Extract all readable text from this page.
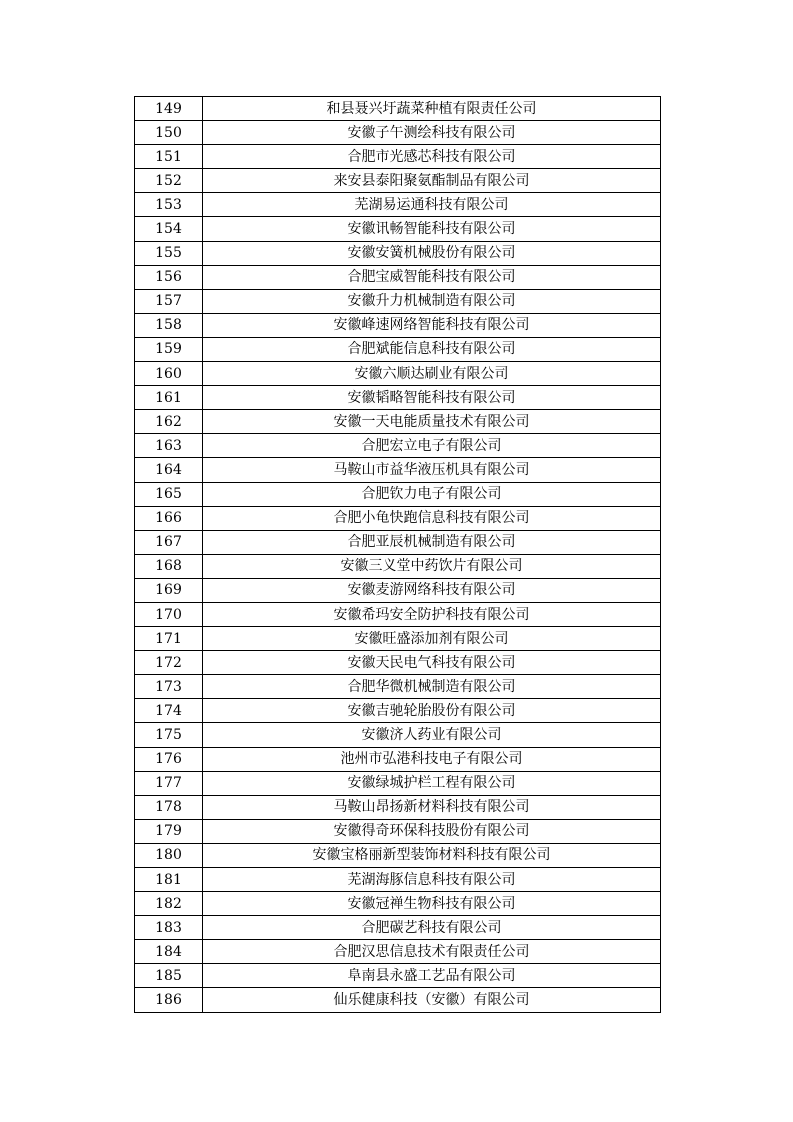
149	和县聂兴圩蔬菜种植有限责任公司
150	安徽子午测绘科技有限公司
151	合肥市光感芯科技有限公司
152	来安县泰阳聚氨酯制品有限公司
153	芜湖易运通科技有限公司
154	安徽讯畅智能科技有限公司
155	安徽安簧机械股份有限公司
156	合肥宝威智能科技有限公司
157	安徽升力机械制造有限公司
158	安徽峰速网络智能科技有限公司
159	合肥斌能信息科技有限公司
160	安徽六顺达刷业有限公司
161	安徽韬略智能科技有限公司
162	安徽一天电能质量技术有限公司
163	合肥宏立电子有限公司
164	马鞍山市益华液压机具有限公司
165	合肥钦力电子有限公司
166	合肥小龟快跑信息科技有限公司
167	合肥亚辰机械制造有限公司
168	安徽三义堂中药饮片有限公司
169	安徽麦游网络科技有限公司
170	安徽希玛安全防护科技有限公司
171	安徽旺盛添加剂有限公司
172	安徽天民电气科技有限公司
173	合肥华微机械制造有限公司
174	安徽吉驰轮胎股份有限公司
175	安徽济人药业有限公司
176	池州市弘港科技电子有限公司
177	安徽绿城护栏工程有限公司
178	马鞍山昂扬新材料科技有限公司
179	安徽得奇环保科技股份有限公司
180	安徽宝格丽新型装饰材料科技有限公司
181	芜湖海豚信息科技有限公司
182	安徽冠禅生物科技有限公司
183	合肥碳艺科技有限公司
184	合肥汉思信息技术有限责任公司
185	阜南县永盛工艺品有限公司
186	仙乐健康科技（安徽）有限公司
